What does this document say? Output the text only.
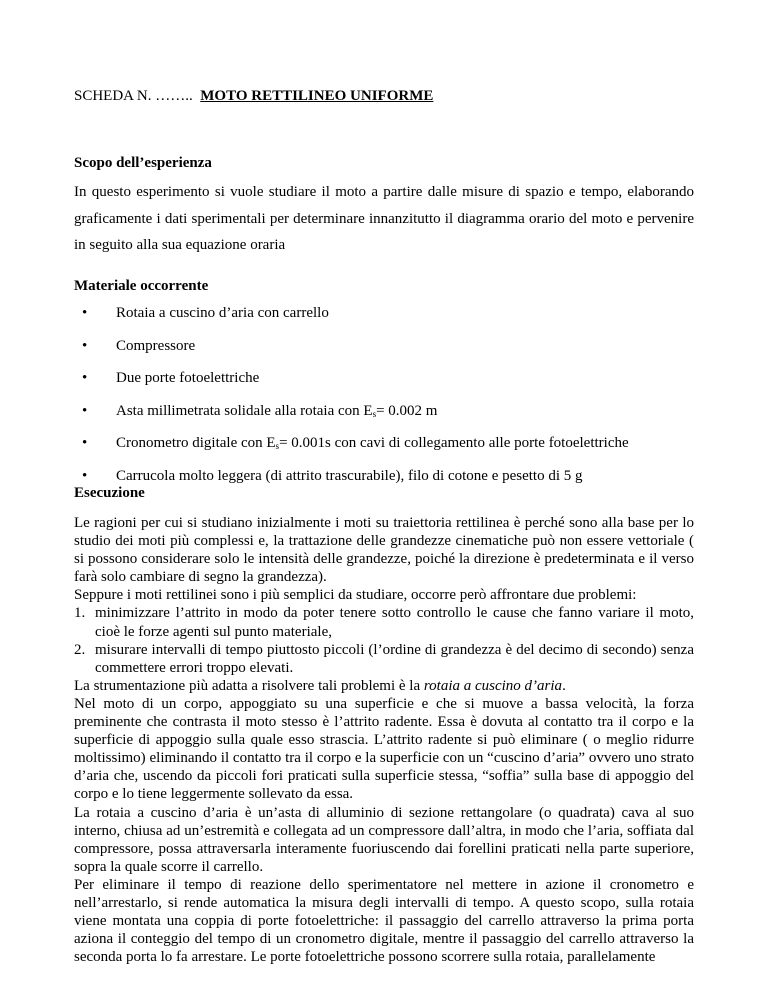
SCHEDA N. …….. MOTO RETTILINEO UNIFORME
Scopo dell’esperienza
In questo esperimento si vuole studiare il moto a partire dalle misure di spazio e tempo, elaborando graficamente i dati sperimentali per determinare innanzitutto il diagramma orario del moto e pervenire in seguito alla sua equazione oraria
Materiale occorrente
• Rotaia a cuscino d’aria con carrello
• Compressore
• Due porte fotoelettriche
• Asta millimetrata solidale alla rotaia con $E_s= 0.002$ m
• Cronometro digitale con $E_s= 0.001s$ con cavi di collegamento alle porte fotoelettriche
• Carrucola molto leggera (di attrito trascurabile), filo di cotone e pesetto di 5 g
Esecuzione

Le ragioni per cui si studiano inizialmente i moti su traiettoria rettilinea è perché sono alla base per lo studio dei moti più complessi e, la trattazione delle grandezze cinematiche può non essere vettoriale ( si possono considerare solo le intensità delle grandezze, poiché la direzione è predeterminata e il verso farà solo cambiare di segno la grandezza).

Seppure i moti rettilinei sono i più semplici da studiare, occorre però affrontare due problemi:

1. minimizzare l’attrito in modo da poter tenere sotto controllo le cause che fanno variare il moto, cioè le forze agenti sul punto materiale,
2. misurare intervalli di tempo piuttosto piccoli (l’ordine di grandezza è del decimo di secondo) senza commettere errori troppo elevati.

La strumentazione più adatta a risolvere tali problemi è la rotaia a cuscino d’aria.

Nel moto di un corpo, appoggiato su una superficie e che si muove a bassa velocità, la forza preminente che contrasta il moto stesso è l’attrito radente. Essa è dovuta al contatto tra il corpo e la superficie di appoggio sulla quale esso strascia. L’attrito radente si può eliminare ( o meglio ridurre moltissimo) eliminando il contatto tra il corpo e la superficie con un “cuscino d’aria” ovvero uno strato d’aria che, uscendo da piccoli fori praticati sulla superficie stessa, “soffia” sulla base di appoggio del corpo e lo tiene leggermente sollevato da essa.

La rotaia a cuscino d’aria è un’asta di alluminio di sezione rettangolare (o quadrata) cava al suo interno, chiusa ad un’estremità e collegata ad un compressore dall’altra, in modo che l’aria, soffiata dal compressore, possa attraversarla interamente fuoriuscendo dai forellini praticati nella parte superiore, sopra la quale scorre il carrello.

Per eliminare il tempo di reazione dello sperimentatore nel mettere in azione il cronometro e nell’arrestarlo, si rende automatica la misura degli intervalli di tempo. A questo scopo, sulla rotaia viene montata una coppia di porte fotoelettriche: il passaggio del carrello attraverso la prima porta aziona il conteggio del tempo di un cronometro digitale, mentre il passaggio del carrello attraverso la seconda porta lo fa arrestare. Le porte fotoelettriche possono scorrere sulla rotaia, parallelamente
